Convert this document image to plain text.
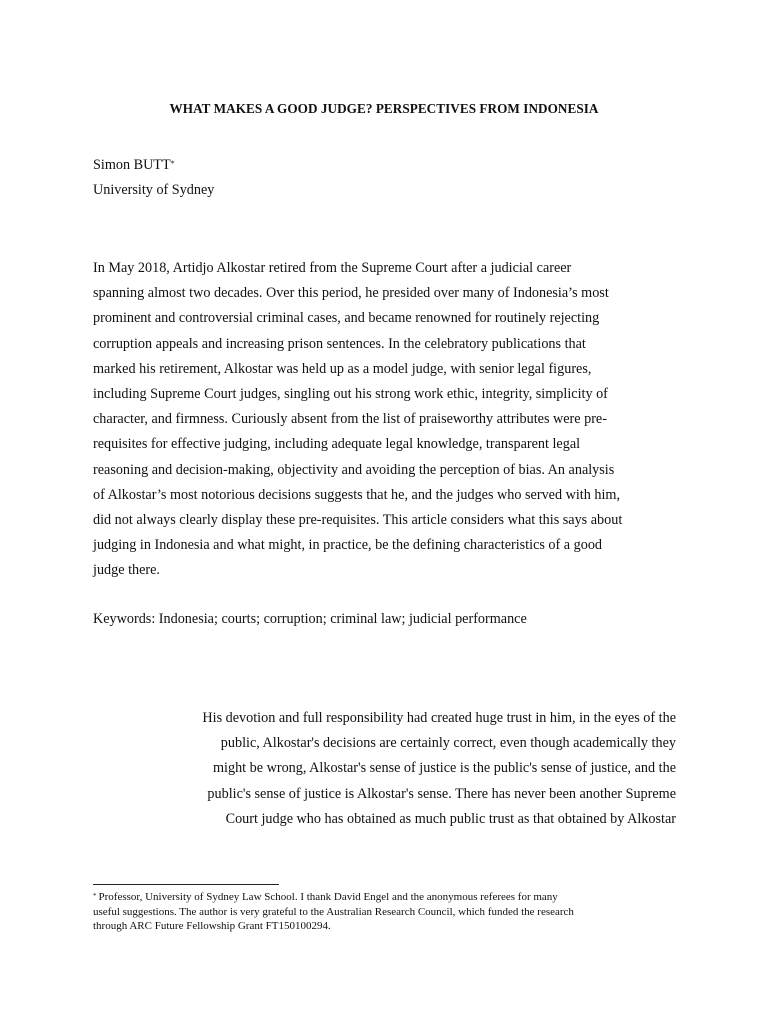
WHAT MAKES A GOOD JUDGE? PERSPECTIVES FROM INDONESIA
Simon BUTT*
University of Sydney

In May 2018, Artidjo Alkostar retired from the Supreme Court after a judicial career
spanning almost two decades. Over this period, he presided over many of Indonesia’s most
prominent and controversial criminal cases, and became renowned for routinely rejecting
corruption appeals and increasing prison sentences. In the celebratory publications that
marked his retirement, Alkostar was held up as a model judge, with senior legal figures,
including Supreme Court judges, singling out his strong work ethic, integrity, simplicity of
character, and firmness. Curiously absent from the list of praiseworthy attributes were pre-
requisites for effective judging, including adequate legal knowledge, transparent legal
reasoning and decision-making, objectivity and avoiding the perception of bias. An analysis
of Alkostar’s most notorious decisions suggests that he, and the judges who served with him,
did not always clearly display these pre-requisites. This article considers what this says about
judging in Indonesia and what might, in practice, be the defining characteristics of a good
judge there.

Keywords: Indonesia; courts; corruption; criminal law; judicial performance

His devotion and full responsibility had created huge trust in him, in the eyes of the
public, Alkostar's decisions are certainly correct, even though academically they
might be wrong, Alkostar's sense of justice is the public's sense of justice, and the
public's sense of justice is Alkostar's sense. There has never been another Supreme
Court judge who has obtained as much public trust as that obtained by Alkostar

* Professor, University of Sydney Law School. I thank David Engel and the anonymous referees for many
useful suggestions. The author is very grateful to the Australian Research Council, which funded the research
through ARC Future Fellowship Grant FT150100294.
